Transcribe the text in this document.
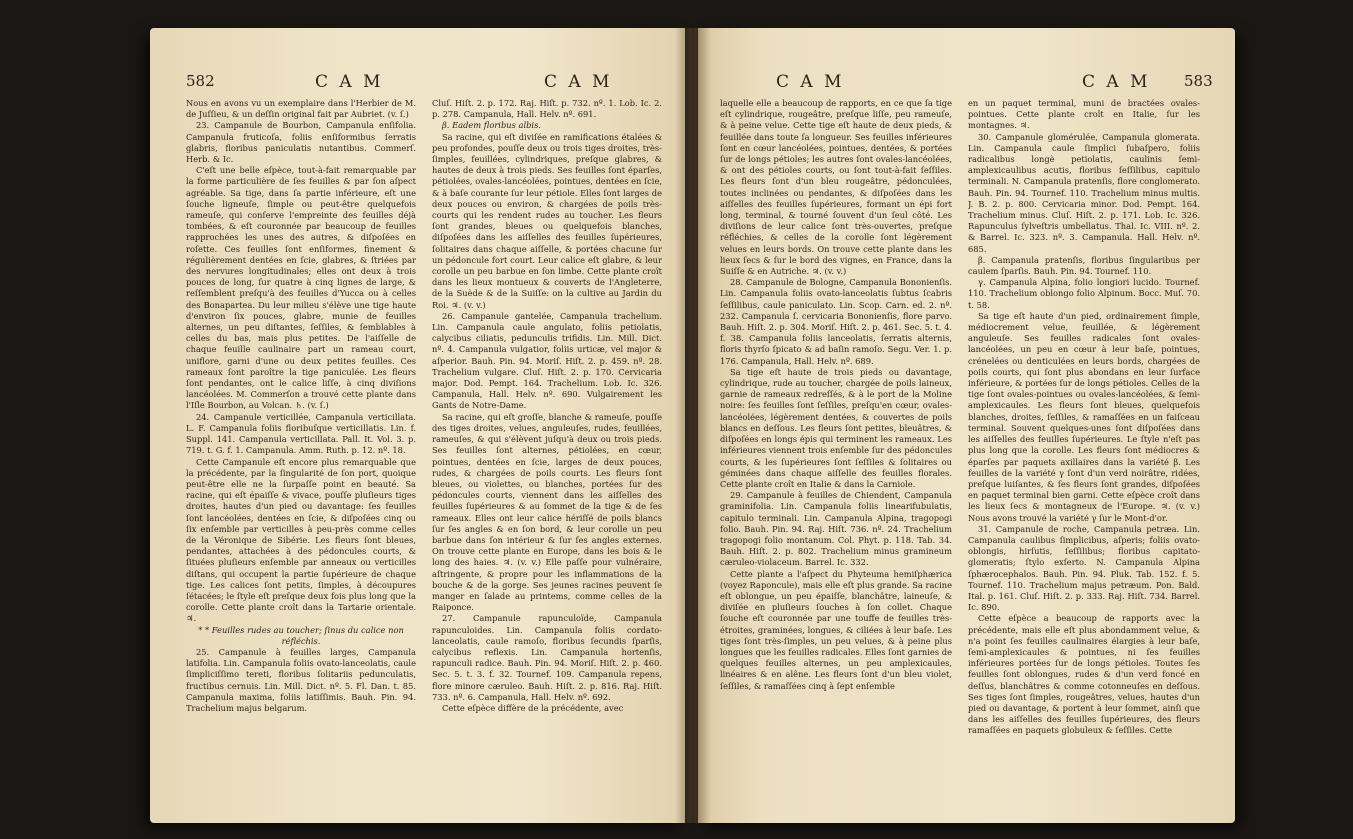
582	C A M	C A M

Nous en avons vu un exemplaire dans l'Herbier de M. de Juſſieu, & un deſſin original fait par Aubriet. (v. ſ.)

23. Campanule de Bourbon, Campanula enſifolia. Campanula fruticoſa, foliis enſiformibus ſerratis glabris, floribus paniculatis nutantibus. Commerſ. Herb. & Ic.

C'eſt une belle eſpèce, tout-à-fait remarquable par la forme particulière de ſes feuilles & par ſon aſpect agréable. Sa tige, dans ſa partie inférieure, eſt une ſouche ligneuſe, ſimple ou peut-être quelquefois rameuſe, qui conſerve l'empreinte des feuilles déjà tombées, & eſt couronnée par beaucoup de feuilles rapprochées les unes des autres, & diſpoſées en roſette. Ces feuilles ſont enſiformes, finement & régulièrement dentées en ſcie, glabres, & ſtriées par des nervures longitudinales; elles ont deux à trois pouces de long, ſur quatre à cinq lignes de large, & reſſemblent preſqu'à des feuilles d'Yucca ou à celles des Bonapartea. Du leur milieu s'élève une tige haute d'environ ſix pouces, glabre, munie de feuilles alternes, un peu diſtantes, ſeſſiles, & ſemblables à celles du bas, mais plus petites. De l'aiſſelle de chaque feuille caulinaire part un rameau court, uniflore, garni d'une ou deux petites feuilles. Ces rameaux ſont paroître la tige paniculée. Les fleurs ſont pendantes, ont le calice liſſe, à cinq diviſions lancéolées. M. Commerſon a trouvé cette plante dans l'Iſle Bourbon, au Volcan. ♄. (v. ſ.)

24. Campanule verticillée, Campanula verticillata. L. F. Campanula foliis floribuſque verticillatis. Lin. f. Suppl. 141. Campanula verticillata. Pall. It. Vol. 3. p. 719. t. G. f. 1. Campanula. Amm. Ruth. p. 12. nº. 18.

Cette Campanule eſt encore plus remarquable que la précédente, par la ſingularité de ſon port, quoique peut-être elle ne la ſurpaſſe point en beauté. Sa racine, qui eſt épaiſſe & vivace, pouſſe pluſieurs tiges droites, hautes d'un pied ou davantage: ſes feuilles ſont lancéolées, dentées en ſcie, & diſpoſées cinq ou ſix enſemble par verticilles à peu-près comme celles de la Véronique de Sibérie. Les fleurs ſont bleues, pendantes, attachées à des pédoncules courts, & ſituées pluſieurs enſemble par anneaux ou verticilles diſtans, qui occupent la partie ſupérieure de chaque tige. Les calices ſont petits, ſimples, à découpures ſétacées; le ſtyle eſt preſque deux fois plus long que la corolle. Cette plante croît dans la Tartarie orientale. ♃.

* * Feuilles rudes au toucher; ſinus du calice non réfléchis.

25. Campanule à feuilles larges, Campanula latifolia. Lin. Campanula foliis ovato-lanceolatis, caule ſimpliciſſimo tereti, floribus ſolitariis pedunculatis, fructibus cernuis. Lin. Mill. Dict. nº. 5. Fl. Dan. t. 85. Campanula maxima, foliis latiſſimis. Bauh. Pin. 94. Trachelium majus belgarum.

Cluſ. Hiſt. 2. p. 172. Raj. Hiſt. p. 732. nº. 1. Lob. Ic. 2. p. 278. Campanula, Hall. Helv. nº. 691.

β. Eadem floribus albis.

Sa racine, qui eſt diviſée en ramifications étalées & peu profondes, pouſſe deux ou trois tiges droites, très-ſimples, feuillées, cylindriques, preſque glabres, & hautes de deux à trois pieds. Ses feuilles ſont éparſes, pétiolées, ovales-lancéolées, pointues, dentées en ſcie, & à baſe courante ſur leur pétiole. Elles ſont larges de deux pouces ou environ, & chargées de poils très-courts qui les rendent rudes au toucher. Les fleurs ſont grandes, bleues ou quelquefois blanches, diſpoſées dans les aiſſelles des feuilles ſupérieures, ſolitaires dans chaque aiſſelle, & portées chacune ſur un pédoncule fort court. Leur calice eſt glabre, & leur corolle un peu barbue en ſon limbe. Cette plante croît dans les lieux montueux & couverts de l'Angleterre, de la Suède & de la Suiſſe: on la cultive au Jardin du Roi. ♃. (v. v.)

26. Campanule gantelée, Campanula trachelium. Lin. Campanula caule angulato, foliis petiolatis, calycibus ciliatis, pedunculis trifidis. Lin. Mill. Dict. nº. 4. Campanula vulgatior, foliis urticæ, vel major & aſperior. Bauh. Pin. 94. Moriſ. Hiſt. 2. p. 459. nº. 28. Trachelium vulgare. Cluſ. Hiſt. 2. p. 170. Cervicaria major. Dod. Pempt. 164. Trachelium. Lob. Ic. 326. Campanula, Hall. Helv. nº. 690. Vulgairement les Gants de Notre-Dame.

Sa racine, qui eſt groſſe, blanche & rameuſe, pouſſe des tiges droites, velues, anguleuſes, rudes, feuillées, rameuſes, & qui s'élèvent juſqu'à deux ou trois pieds. Ses feuilles ſont alternes, pétiolées, en cœur, pointues, dentées en ſcie, larges de deux pouces, rudes, & chargées de poils courts. Les fleurs ſont bleues, ou violettes, ou blanches, portées ſur des pédoncules courts, viennent dans les aiſſelles des feuilles ſupérieures & au ſommet de la tige & de ſes rameaux. Elles ont leur calice hériſſé de poils blancs ſur ſes angles & en ſon bord, & leur corolle un peu barbue dans ſon intérieur & ſur ſes angles externes. On trouve cette plante en Europe, dans les bois & le long des haies. ♃. (v. v.) Elle paſſe pour vulnéraire, aſtringente, & propre pour les inflammations de la bouche & de la gorge. Ses jeunes racines peuvent ſe manger en ſalade au printems, comme celles de la Raiponce.

27. Campanule rapunculoïde, Campanula rapunculoides. Lin. Campanula foliis cordato-lanceolatis, caule ramoſo, floribus ſecundis ſparſis, calycibus reflexis. Lin. Campanula hortenſis, rapunculi radice. Bauh. Pin. 94. Moriſ. Hiſt. 2. p. 460. Sec. 5. t. 3. f. 32. Tournef. 109. Campanula repens, flore minore cæruleo. Bauh. Hiſt. 2. p. 816. Raj. Hiſt. 733. nº. 6. Campanula, Hall. Helv. nº. 692.

Cette eſpèce diffère de la précédente, avec

C A M	C A M 583

laquelle elle a beaucoup de rapports, en ce que ſa tige eſt cylindrique, rougeâtre, preſque liſſe, peu rameuſe, & à peine velue. Cette tige eſt haute de deux pieds, & feuillée dans toute ſa longueur. Ses feuilles inférieures ſont en cœur lancéolées, pointues, dentées, & portées ſur de longs pétioles; les autres ſont ovales-lancéolées, & ont des pétioles courts, ou ſont tout-à-fait ſeſſiles. Les fleurs ſont d'un bleu rougeâtre, pédonculées, toutes inclinées ou pendantes, & diſpoſées dans les aiſſelles des feuilles ſupérieures, formant un épi fort long, terminal, & tourné ſouvent d'un ſeul côté. Les diviſions de leur calice ſont très-ouvertes, preſque réfléchies, & celles de la corolle ſont légèrement velues en leurs bords. On trouve cette plante dans les lieux ſecs & ſur le bord des vignes, en France, dans la Suiſſe & en Autriche. ♃. (v. v.)

28. Campanule de Bologne, Campanula Bononienſis. Lin. Campanula foliis ovato-lanceolatis ſubtus ſcabris ſeſſilibus, caule paniculato. Lin. Scop. Carn. ed. 2. nº. 232. Campanula ſ. cervicaria Bononienſis, flore parvo. Bauh. Hiſt. 2. p. 304. Moriſ. Hiſt. 2. p. 461. Sec. 5. t. 4. f. 38. Campanula foliis lanceolatis, ſerratis alternis, floris thyrſo ſpicato & ad baſin ramoſo. Segu. Ver. 1. p. 176. Campanula, Hall. Helv. nº. 689.

Sa tige eſt haute de trois pieds ou davantage, cylindrique, rude au toucher, chargée de poils laineux, garnie de rameaux redreſſés, & à le port de la Moline noire: ſes feuilles ſont ſeſſiles, preſqu'en cœur, ovales-lancéolées, légèrement dentées, & couvertes de poils blancs en deſſous. Les fleurs ſont petites, bleuâtres, & diſpoſées en longs épis qui terminent les rameaux. Les inférieures viennent trois enſemble ſur des pédoncules courts, & les ſupérieures ſont ſeſſiles & ſolitaires ou géminées dans chaque aiſſelle des feuilles florales. Cette plante croît en Italie & dans la Carniole.

29. Campanule à feuilles de Chiendent, Campanula graminifolia. Lin. Campanula foliis linearifubulatis, capitulo terminali. Lin. Campanula Alpina, tragopogi folio. Bauh. Pin. 94. Raj. Hiſt. 736. nº. 24. Trachelium tragopogi folio montanum. Col. Phyt. p. 118. Tab. 34. Bauh. Hiſt. 2. p. 802. Trachelium minus gramineum cæruleo-violaceum. Barrel. Ic. 332.

Cette plante a l'aſpect du Phyteuma hemiſphærica (voyez Raponcule), mais elle eſt plus grande. Sa racine eſt oblongue, un peu épaiſſe, blanchâtre, laineuſe, & diviſée en pluſieurs ſouches à ſon collet. Chaque ſouche eſt couronnée par une touffe de feuilles très-étroites, graminées, longues, & ciliées à leur baſe. Les tiges ſont très-ſimples, un peu velues, & à peine plus longues que les feuilles radicales. Elles ſont garnies de quelques feuilles alternes, un peu amplexicaules, linéaires & en alêne. Les fleurs ſont d'un bleu violet, ſeſſiles, & ramaſſées cinq à ſept enſemble

en un paquet terminal, muni de bractées ovales-pointues. Cette plante croît en Italie, ſur les montagnes. ♃.

30. Campanule glomérulée, Campanula glomerata. Lin. Campanula caule ſimplici ſubaſpero, foliis radicalibus longè petiolatis, caulinis ſemi-amplexicaulibus acutis, floribus ſeſſilibus, capitulo terminali. N. Campanula pratenſis, flore conglomerato. Bauh. Pin. 94. Tournef. 110. Trachelium minus multis. J. B. 2. p. 800. Cervicaria minor. Dod. Pempt. 164. Trachelium minus. Cluſ. Hiſt. 2. p. 171. Lob. Ic. 326. Rapunculus ſylveſtris umbellatus. Thal. Ic. VIII. nº. 2. & Barrel. Ic. 323. nº. 3. Campanula. Hall. Helv. nº. 685.

β. Campanula pratenſis, floribus ſingularibus per caulem ſparſis. Bauh. Pin. 94. Tournef. 110.

γ. Campanula Alpina, folio longiori lucido. Tournef. 110. Trachelium oblongo folio Alpinum. Bocc. Muſ. 70. t. 58.

Sa tige eſt haute d'un pied, ordinairement ſimple, médiocrement velue, feuillée, & légèrement anguleuſe. Ses feuilles radicales ſont ovales-lancéolées, un peu en cœur à leur baſe, pointues, crénelées ou denticulées en leurs bords, chargées de poils courts, qui ſont plus abondans en leur ſurface inférieure, & portées ſur de longs pétioles. Celles de la tige ſont ovales-pointues ou ovales-lancéolées, & ſemi-amplexicaules. Les fleurs ſont bleues, quelquefois blanches, droites, ſeſſiles, & ramaſſées en un faiſceau terminal. Souvent quelques-unes ſont diſpoſées dans les aiſſelles des feuilles ſupérieures. Le ſtyle n'eſt pas plus long que la corolle. Les fleurs ſont médiocres & éparſes par paquets axillaires dans la variété β. Les feuilles de la variété γ ſont d'un verd noirâtre, ridées, preſque luiſantes, & ſes fleurs ſont grandes, diſpoſées en paquet terminal bien garni. Cette eſpèce croît dans les lieux ſecs & montagneux de l'Europe. ♃. (v. v.) Nous avons trouvé la variété γ ſur le Mont-d'or.

31. Campanule de roche, Campanula petræa. Lin. Campanula caulibus ſimplicibus, aſperis; foliis ovato-oblongis, hirſutis, ſeſſilibus; floribus capitato-glomeratis; ſtylo exſerto. N. Campanula Alpina ſphærocephalos. Bauh. Pin. 94. Pluk. Tab. 152. f. 5. Tournef. 110. Trachelium majus petræum. Pon. Bald. Ital. p. 161. Cluſ. Hiſt. 2. p. 333. Raj. Hiſt. 734. Barrel. Ic. 890.

Cette eſpèce a beaucoup de rapports avec la précédente, mais elle eſt plus abondamment velue, & n'a point ſes feuilles caulinaires élargies à leur baſe, ſemi-amplexicaules & pointues, ni ſes feuilles inférieures portées ſur de longs pétioles. Toutes ſes feuilles ſont oblongues, rudes & d'un verd foncé en deſſus, blanchâtres & comme cotonneuſes en deſſous. Ses tiges ſont ſimples, rougeâtres, velues, hautes d'un pied ou davantage, & portent à leur ſommet, ainſi que dans les aiſſelles des feuilles ſupérieures, des fleurs ramaſſées en paquets globuleux & ſeſſiles. Cette
